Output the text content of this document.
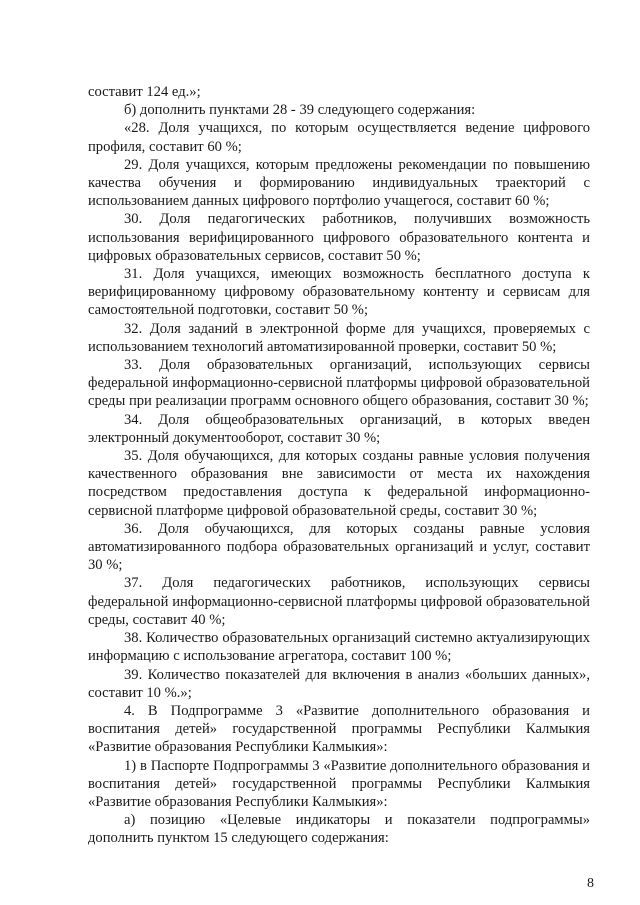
составит 124 ед.»;

б) дополнить пунктами 28 - 39 следующего содержания:

«28. Доля учащихся, по которым осуществляется ведение цифрового профиля, составит 60 %;

29. Доля учащихся, которым предложены рекомендации по повышению качества обучения и формированию индивидуальных траекторий с использованием данных цифрового портфолио учащегося, составит 60 %;

30. Доля педагогических работников, получивших возможность использования верифицированного цифрового образовательного контента и цифровых образовательных сервисов, составит 50 %;

31. Доля учащихся, имеющих возможность бесплатного доступа к верифицированному цифровому образовательному контенту и сервисам для самостоятельной подготовки, составит 50 %;

32. Доля заданий в электронной форме для учащихся, проверяемых с использованием технологий автоматизированной проверки, составит 50 %;

33. Доля образовательных организаций, использующих сервисы федеральной информационно-сервисной платформы цифровой образовательной среды при реализации программ основного общего образования, составит 30 %;

34. Доля общеобразовательных организаций, в которых введен электронный документооборот, составит 30 %;

35. Доля обучающихся, для которых созданы равные условия получения качественного образования вне зависимости от места их нахождения посредством предоставления доступа к федеральной информационно-сервисной платформе цифровой образовательной среды, составит 30 %;

36. Доля обучающихся, для которых созданы равные условия автоматизированного подбора образовательных организаций и услуг, составит 30 %;

37. Доля педагогических работников, использующих сервисы федеральной информационно-сервисной платформы цифровой образовательной среды, составит 40 %;

38. Количество образовательных организаций системно актуализирующих информацию с использование агрегатора, составит 100 %;

39. Количество показателей для включения в анализ «больших данных», составит 10 %.»;

4. В Подпрограмме 3 «Развитие дополнительного образования и воспитания детей» государственной программы Республики Калмыкия «Развитие образования Республики Калмыкия»:

1) в Паспорте Подпрограммы 3 «Развитие дополнительного образования и воспитания детей» государственной программы Республики Калмыкия «Развитие образования Республики Калмыкия»:

а) позицию «Целевые индикаторы и показатели подпрограммы» дополнить пунктом 15 следующего содержания:

8
